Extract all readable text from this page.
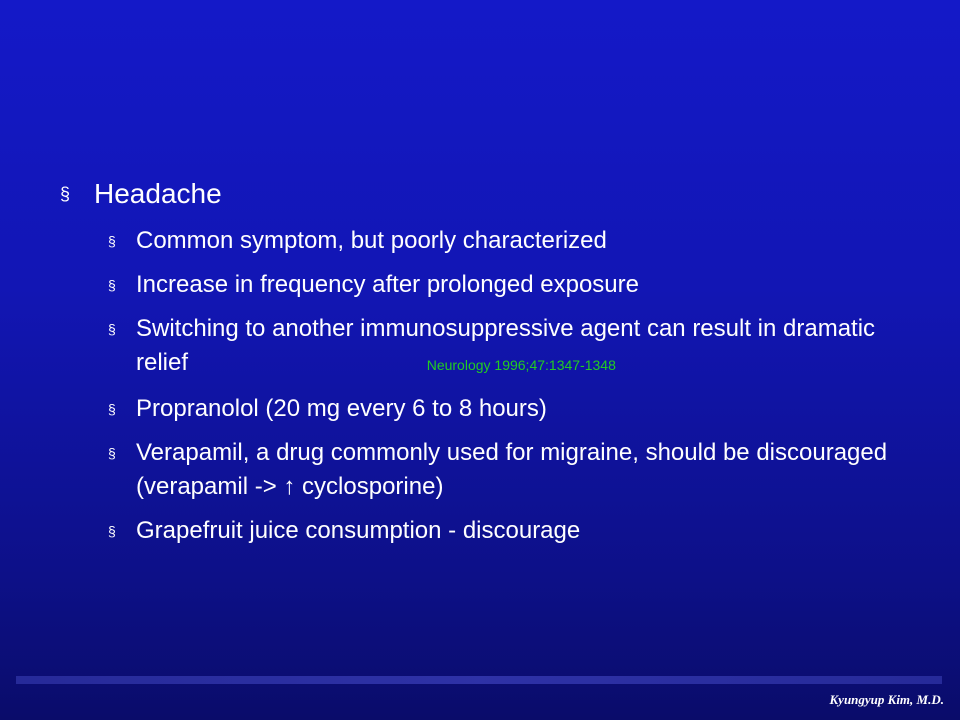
§ Headache
§ Common symptom, but poorly characterized
§ Increase in frequency after prolonged exposure
§ Switching to another immunosuppressive agent can result in dramatic relief	Neurology 1996;47:1347-1348
§ Propranolol (20 mg every 6 to 8 hours)
§ Verapamil, a drug commonly used for migraine, should be discouraged (verapamil -> ↑ cyclosporine)
§ Grapefruit juice consumption - discourage
Kyungyup Kim, M.D.
